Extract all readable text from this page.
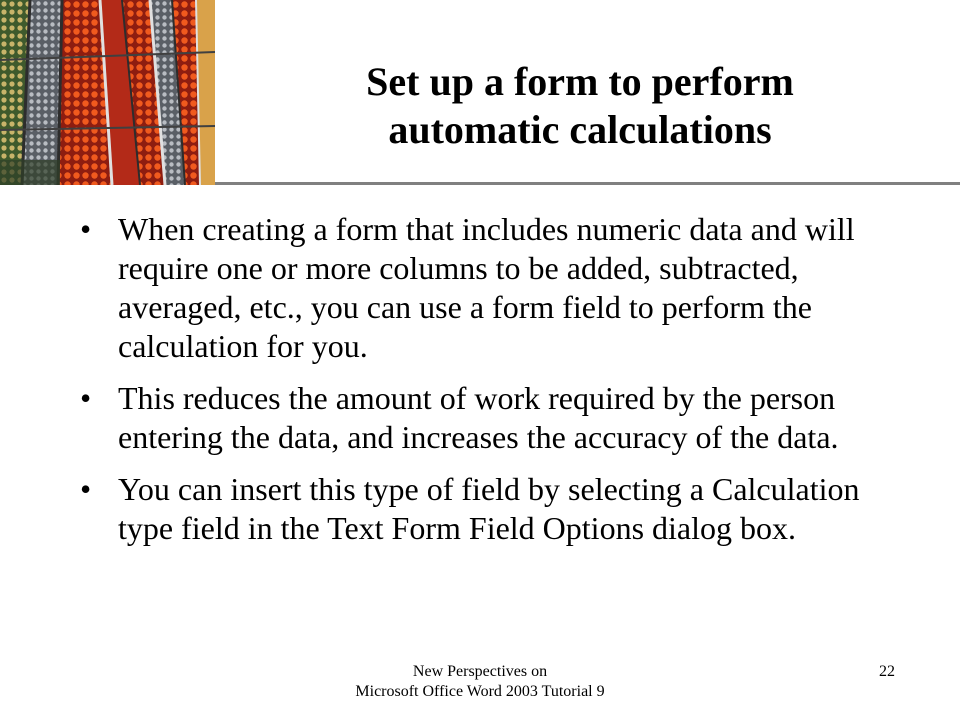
Set up a form to perform
automatic calculations
• When creating a form that includes numeric data and will require one or more columns to be added, subtracted, averaged, etc., you can use a form field to perform the calculation for you.
• This reduces the amount of work required by the person entering the data, and increases the accuracy of the data.
• You can insert this type of field by selecting a Calculation type field in the Text Form Field Options dialog box.
New Perspectives on
Microsoft Office Word 2003 Tutorial 9
22
